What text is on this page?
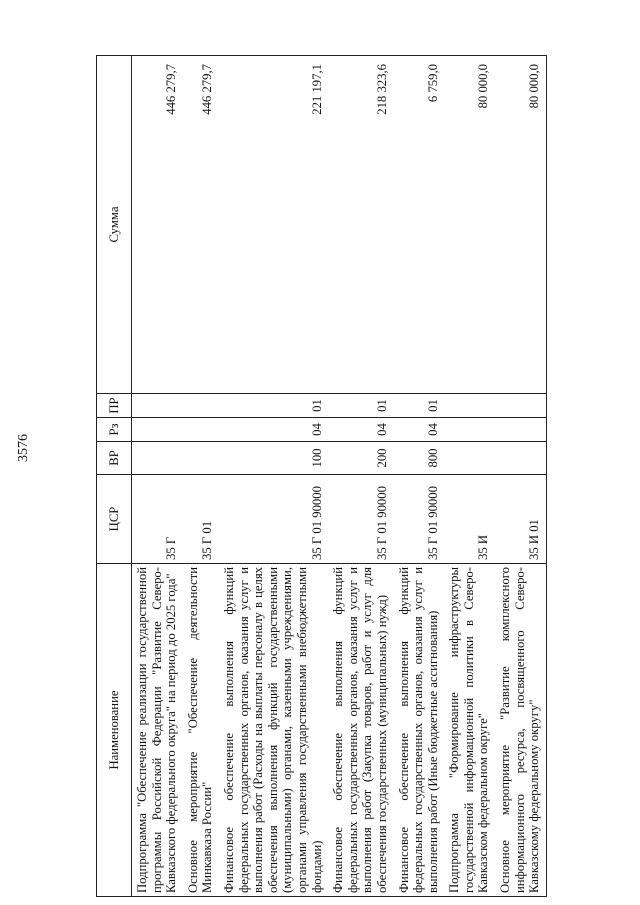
3576
Наименование	ЦСР	ВР	Рз	ПР	Сумма
Подпрограмма "Обеспечение реализации государственной программы Российской Федерации "Развитие Северо-Кавказского федерального округа" на период до 2025 года"	35 Г				446 279,7
Основное мероприятие "Обеспечение деятельности Минкавказа России"	35 Г 01				446 279,7
Финансовое обеспечение выполнения функций федеральных государственных органов, оказания услуг и выполнения работ (Расходы на выплаты персоналу в целях обеспечения выполнения функций государственными (муниципальными) органами, казенными учреждениями, органами управления государственными внебюджетными фондами)	35 Г 01 90000	100	04	01	221 197,1
Финансовое обеспечение выполнения функций федеральных государственных органов, оказания услуг и выполнения работ (Закупка товаров, работ и услуг для обеспечения государственных (муниципальных) нужд)	35 Г 01 90000	200	04	01	218 323,6
Финансовое обеспечение выполнения функций федеральных государственных органов, оказания услуг и выполнения работ (Иные бюджетные ассигнования)	35 Г 01 90000	800	04	01	6 759,0
Подпрограмма "Формирование инфраструктуры государственной информационной политики в Северо-Кавказском федеральном округе"	35 И				80 000,0
Основное мероприятие "Развитие комплексного информационного ресурса, посвященного Северо-Кавказскому федеральному округу"	35 И 01				80 000,0
